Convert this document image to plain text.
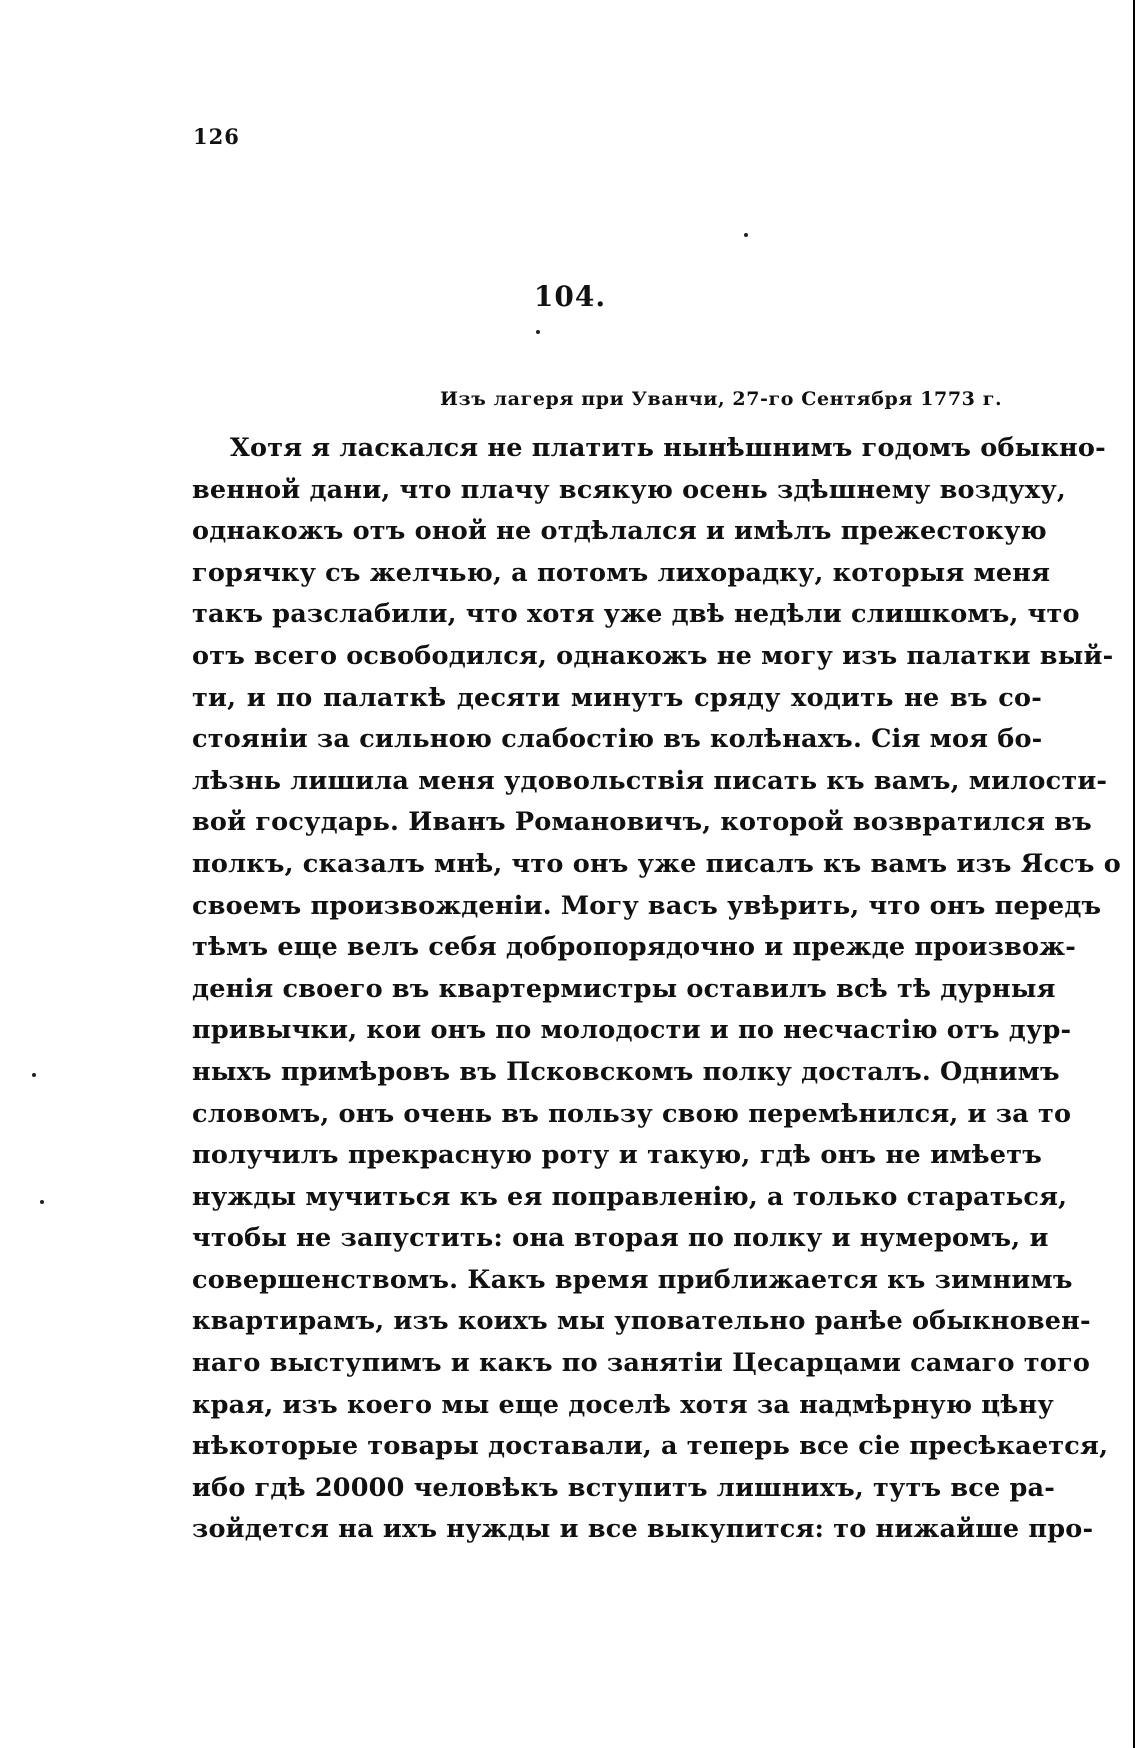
126
104.
Изъ лагеря при Уванчи, 27-го Сентября 1773 г.
Хотя я ласкался не платить нынѣшнимъ годомъ обыкно-
венной дани, что плачу всякую осень здѣшнему воздуху,
однакожъ отъ оной не отдѣлался и имѣлъ прежестокую
горячку съ желчью, а потомъ лихорадку, которыя меня
такъ разслабили, что хотя уже двѣ недѣли слишкомъ, что
отъ всего освободился, однакожъ не могу изъ палатки вый-
ти, и по палаткѣ десяти минутъ сряду ходить не въ со-
стояніи за сильною слабостію въ колѣнахъ. Сія моя бо-
лѣзнь лишила меня удовольствія писать къ вамъ, милости-
вой государь. Иванъ Романовичъ, которой возвратился въ
полкъ, сказалъ мнѣ, что онъ уже писалъ къ вамъ изъ Яссъ о
своемъ произвожденіи. Могу васъ увѣрить, что онъ передъ
тѣмъ еще велъ себя добропорядочно и прежде произвож-
денія своего въ квартермистры оставилъ всѣ тѣ дурныя
привычки, кои онъ по молодости и по несчастію отъ дур-
ныхъ примѣровъ въ Псковскомъ полку досталъ. Однимъ
словомъ, онъ очень въ пользу свою перемѣнился, и за то
получилъ прекрасную роту и такую, гдѣ онъ не имѣетъ
нужды мучиться къ ея поправленію, а только стараться,
чтобы не запустить: она вторая по полку и нумеромъ, и
совершенствомъ. Какъ время приближается къ зимнимъ
квартирамъ, изъ коихъ мы уповательно ранѣе обыкновен-
наго выступимъ и какъ по занятіи Цесарцами самаго того
края, изъ коего мы еще доселѣ хотя за надмѣрную цѣну
нѣкоторые товары доставали, а теперь все сіе пресѣкается,
ибо гдѣ 20000 человѣкъ вступитъ лишнихъ, тутъ все ра-
зойдется на ихъ нужды и все выкупится: то нижайше про-
